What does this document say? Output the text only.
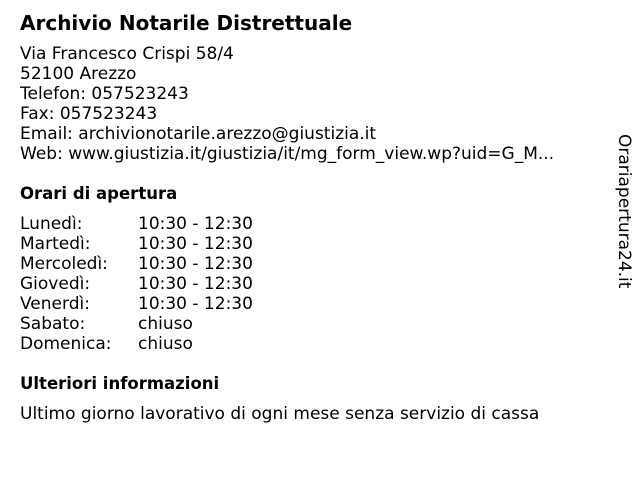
Archivio Notarile Distrettuale
Via Francesco Crispi 58/4
52100 Arezzo
Telefon: 057523243
Fax: 057523243
Email: archivionotarile.arezzo@giustizia.it
Web: www.giustizia.it/giustizia/it/mg_form_view.wp?uid=G_M...
Orari di apertura
Lunedì:	10:30 - 12:30
Martedì:	10:30 - 12:30
Mercoledì: 10:30 - 12:30
Giovedì:	10:30 - 12:30
Venerdì:	10:30 - 12:30
Sabato:	chiuso
Domenica: chiuso
Ulteriori informazioni
Ultimo giorno lavorativo di ogni mese senza servizio di cassa
Orariapertura24.it
